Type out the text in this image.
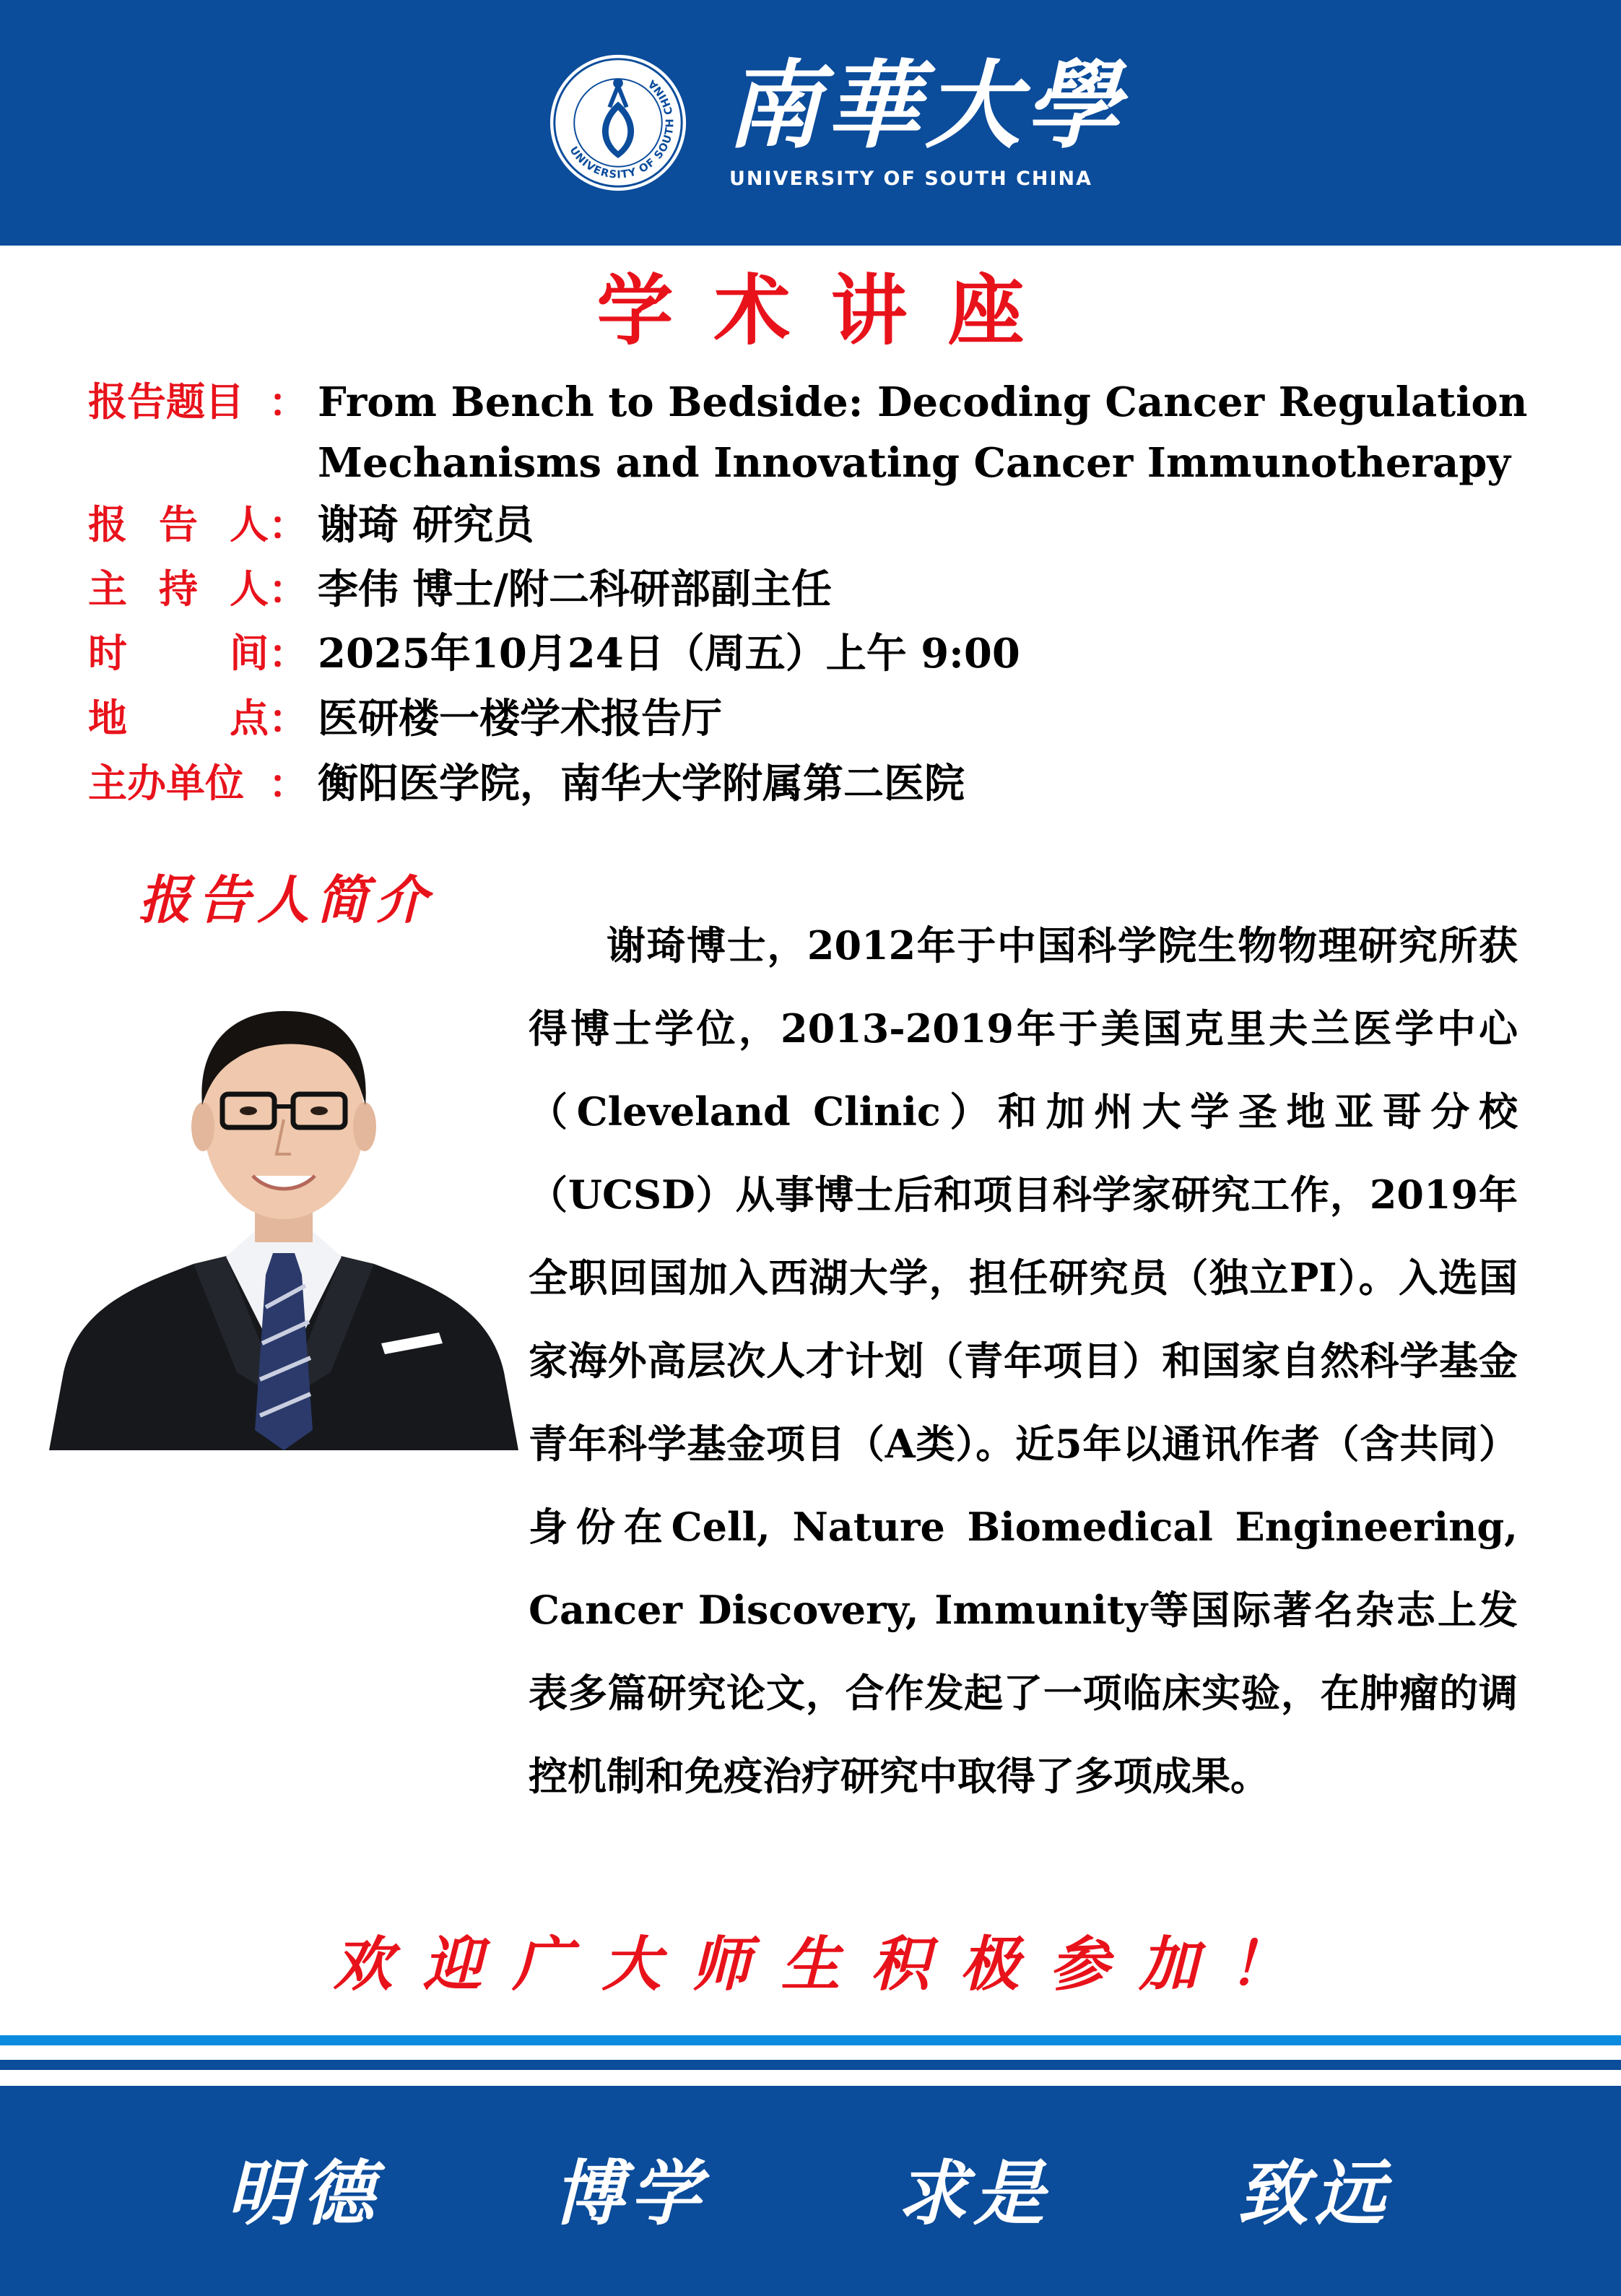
UNIVERSITY OF SOUTH CHINA 南華大學
UNIVERSITY OF SOUTH CHINA
学术讲座
报告题目 ： From Bench to Bedside: Decoding Cancer Regulation
Mechanisms and Innovating Cancer Immunotherapy
报 告 人 ： 谢琦 研究员
主 持 人 ： 李伟 博士/附二科研部副主任
时	间 ： 2025年10月24日（周五）上午 9:00
地	点 ： 医研楼一楼学术报告厅
主办单位 ： 衡阳医学院，南华大学附属第二医院
报告人简介
谢琦博士，2012年于中国科学院生物物理研究所获得博士学位，2013-2019年于美国克里夫兰医学中心（Cleveland Clinic）和加州大学圣地亚哥分校（UCSD）从事博士后和项目科学家研究工作，2019年全职回国加入西湖大学，担任研究员（独立PI）。入选国家海外高层次人才计划（青年项目）和国家自然科学基金青年科学基金项目（A类）。近5年以通讯作者（含共同）身份在Cell, Nature Biomedical Engineering, Cancer Discovery, Immunity等国际著名杂志上发表多篇研究论文，合作发起了一项临床实验，在肿瘤的调控机制和免疫治疗研究中取得了多项成果。
欢迎广大师生积极参加！
明德 博学	求是	致远
